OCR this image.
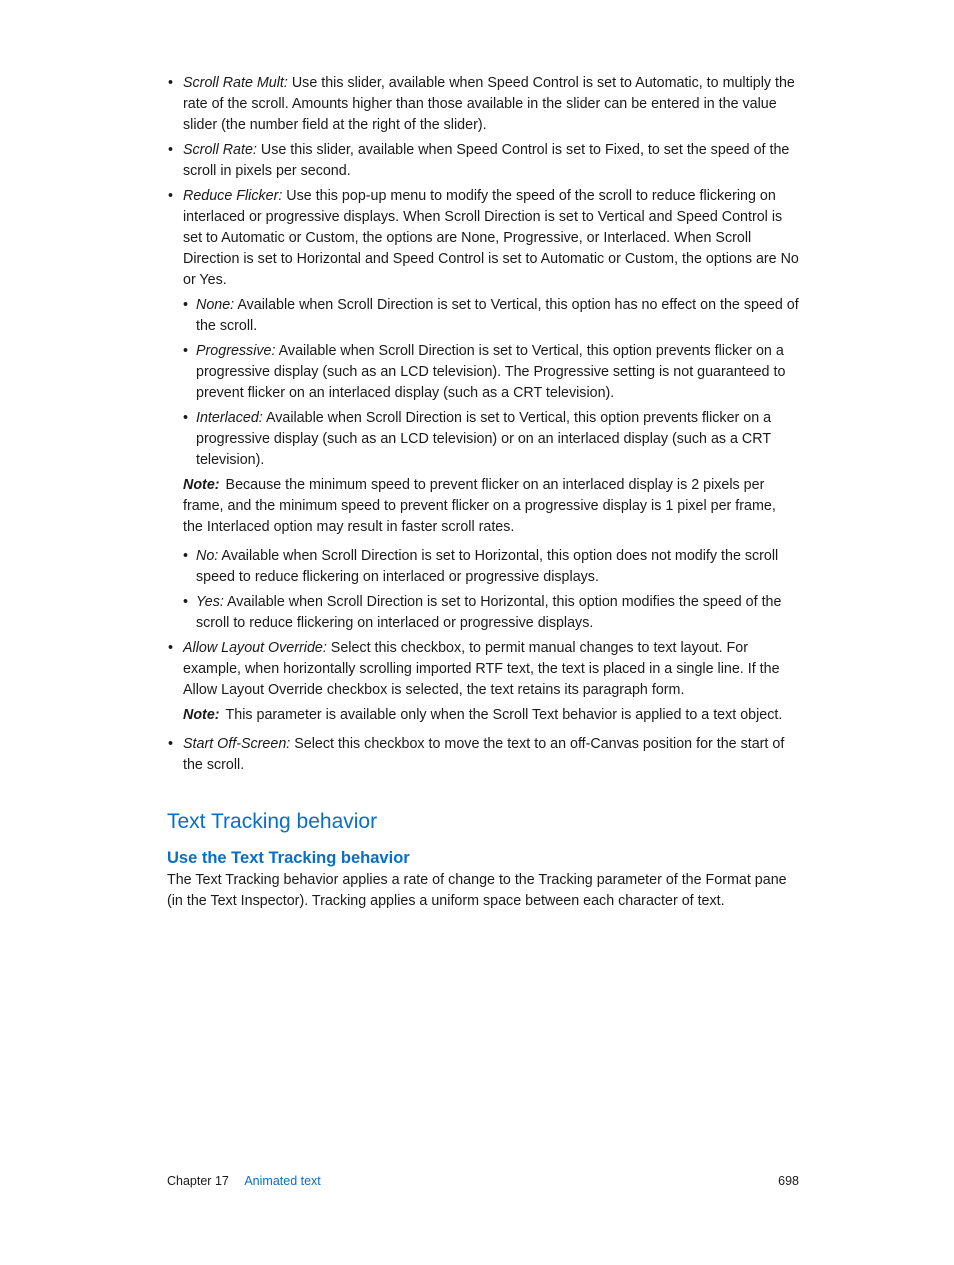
• Scroll Rate Mult: Use this slider, available when Speed Control is set to Automatic, to multiply the rate of the scroll. Amounts higher than those available in the slider can be entered in the value slider (the number field at the right of the slider).
• Scroll Rate: Use this slider, available when Speed Control is set to Fixed, to set the speed of the scroll in pixels per second.
• Reduce Flicker: Use this pop-up menu to modify the speed of the scroll to reduce flickering on interlaced or progressive displays. When Scroll Direction is set to Vertical and Speed Control is set to Automatic or Custom, the options are None, Progressive, or Interlaced. When Scroll Direction is set to Horizontal and Speed Control is set to Automatic or Custom, the options are No or Yes.
• None: Available when Scroll Direction is set to Vertical, this option has no effect on the speed of the scroll.
• Progressive: Available when Scroll Direction is set to Vertical, this option prevents flicker on a progressive display (such as an LCD television). The Progressive setting is not guaranteed to prevent flicker on an interlaced display (such as a CRT television).
• Interlaced: Available when Scroll Direction is set to Vertical, this option prevents flicker on a progressive display (such as an LCD television) or on an interlaced display (such as a CRT television).
Note: Because the minimum speed to prevent flicker on an interlaced display is 2 pixels per frame, and the minimum speed to prevent flicker on a progressive display is 1 pixel per frame, the Interlaced option may result in faster scroll rates.
• No: Available when Scroll Direction is set to Horizontal, this option does not modify the scroll speed to reduce flickering on interlaced or progressive displays.
• Yes: Available when Scroll Direction is set to Horizontal, this option modifies the speed of the scroll to reduce flickering on interlaced or progressive displays.
• Allow Layout Override: Select this checkbox, to permit manual changes to text layout. For example, when horizontally scrolling imported RTF text, the text is placed in a single line. If the Allow Layout Override checkbox is selected, the text retains its paragraph form.
Note: This parameter is available only when the Scroll Text behavior is applied to a text object.
• Start Off-Screen: Select this checkbox to move the text to an off-Canvas position for the start of the scroll.
Text Tracking behavior
Use the Text Tracking behavior

The Text Tracking behavior applies a rate of change to the Tracking parameter of the Format pane (in the Text Inspector). Tracking applies a uniform space between each character of text.

Chapter 17 Animated text	698
